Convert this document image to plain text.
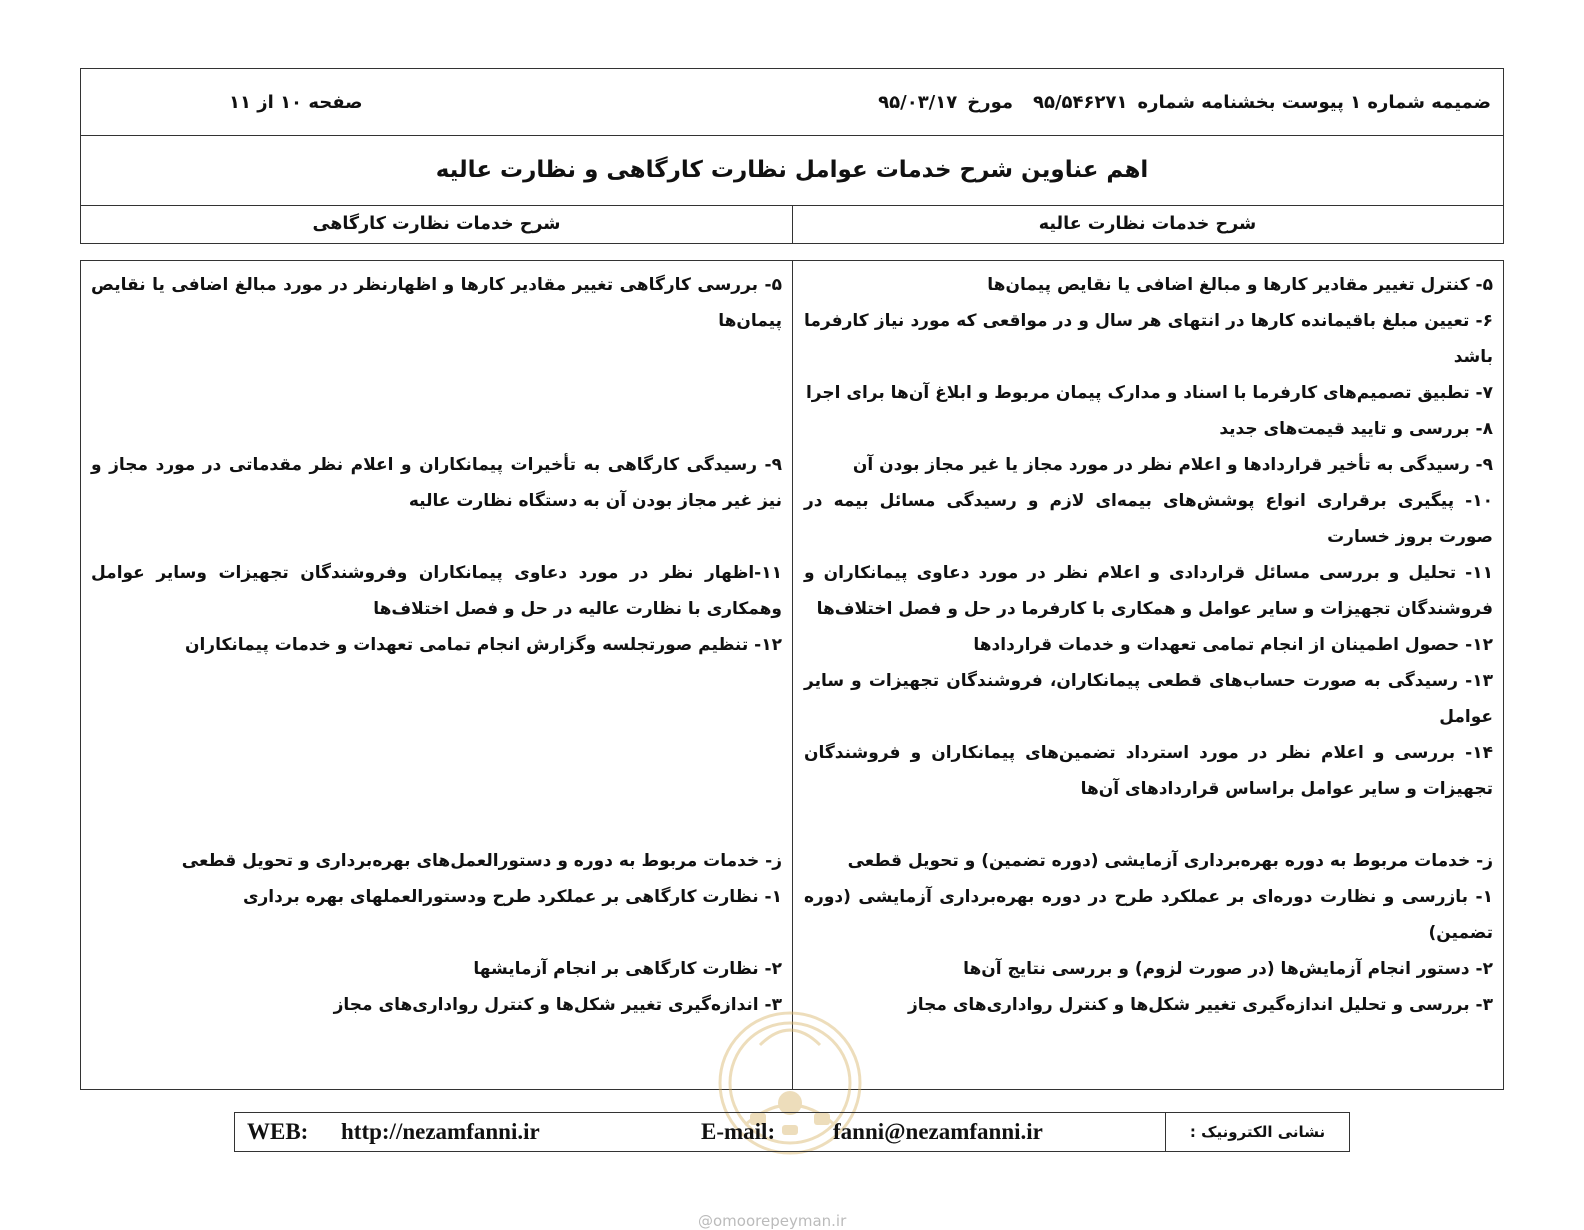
ضمیمه شماره ۱ پیوست بخشنامه شماره
۹۵/۵۴۶۲۷۱
مورخ
۹۵/۰۳/۱۷
صفحه ۱۰ از ۱۱
اهم عناوین شرح خدمات عوامل نظارت کارگاهی و نظارت عالیه
شرح خدمات نظارت عالیه
شرح خدمات نظارت کارگاهی
۵- کنترل تغییر مقادیر کارها و مبالغ اضافی یا نقایص پیمان‌ها
۶- تعیین مبلغ باقیمانده کارها در انتهای هر سال و در مواقعی که مورد نیاز کارفرما باشد
۷- تطبیق تصمیم‌های کارفرما با اسناد و مدارک پیمان مربوط و ابلاغ آن‌ها برای اجرا
۸- بررسی و تایید قیمت‌های جدید
۹- رسیدگی به تأخیر قراردادها و اعلام نظر در مورد مجاز یا غیر مجاز بودن آن
۱۰- پیگیری برقراری انواع پوشش‌های بیمه‌ای لازم و رسیدگی مسائل بیمه در صورت بروز خسارت
۱۱- تحلیل و بررسی مسائل قراردادی و اعلام نظر در مورد دعاوی پیمانکاران و فروشندگان تجهیزات و سایر عوامل و همکاری با کارفرما در حل و فصل اختلاف‌ها
۱۲- حصول اطمینان از انجام تمامی تعهدات و خدمات قراردادها
۱۳- رسیدگی به صورت حساب‌های قطعی پیمانکاران، فروشندگان تجهیزات و سایر عوامل
۱۴- بررسی و اعلام نظر در مورد استرداد تضمین‌های پیمانکاران و فروشندگان تجهیزات و سایر عوامل براساس قراردادهای آن‌ها
ز- خدمات مربوط به دوره بهره‌برداری آزمایشی (دوره تضمین) و تحویل قطعی
۱- بازرسی و نظارت دوره‌ای بر عملکرد طرح در دوره بهره‌برداری آزمایشی (دوره تضمین)
۲- دستور انجام آزمایش‌ها (در صورت لزوم) و بررسی نتایج آن‌ها
۳- بررسی و تحلیل اندازه‌گیری تغییر شکل‌ها و کنترل رواداری‌های مجاز
۵- بررسی کارگاهی تغییر مقادیر کارها و اظهارنظر در مورد مبالغ اضافی یا نقایص پیمان‌ها
۹- رسیدگی کارگاهی به تأخیرات پیمانکاران و اعلام نظر مقدماتی در مورد مجاز و نیز غیر مجاز بودن آن به دستگاه نظارت عالیه
۱۱-اظهار نظر در مورد دعاوی پیمانکاران وفروشندگان تجهیزات وسایر عوامل وهمکاری با نظارت عالیه در حل و فصل اختلاف‌ها
۱۲- تنظیم صورتجلسه وگزارش انجام تمامی تعهدات و خدمات پیمانکاران
ز- خدمات مربوط به دوره و دستورالعمل‌های بهره‌برداری و تحویل قطعی
۱- نظارت کارگاهی بر عملکرد طرح ودستورالعملهای بهره برداری
۲- نظارت کارگاهی بر انجام آزمایشها
۳- اندازه‌گیری تغییر شکل‌ها و کنترل رواداری‌های مجاز
@omoorepeyman.ir
نشانی الکترونیک :
WEB: http://nezamfanni.ir	E-mail:	fanni@nezamfanni.ir
